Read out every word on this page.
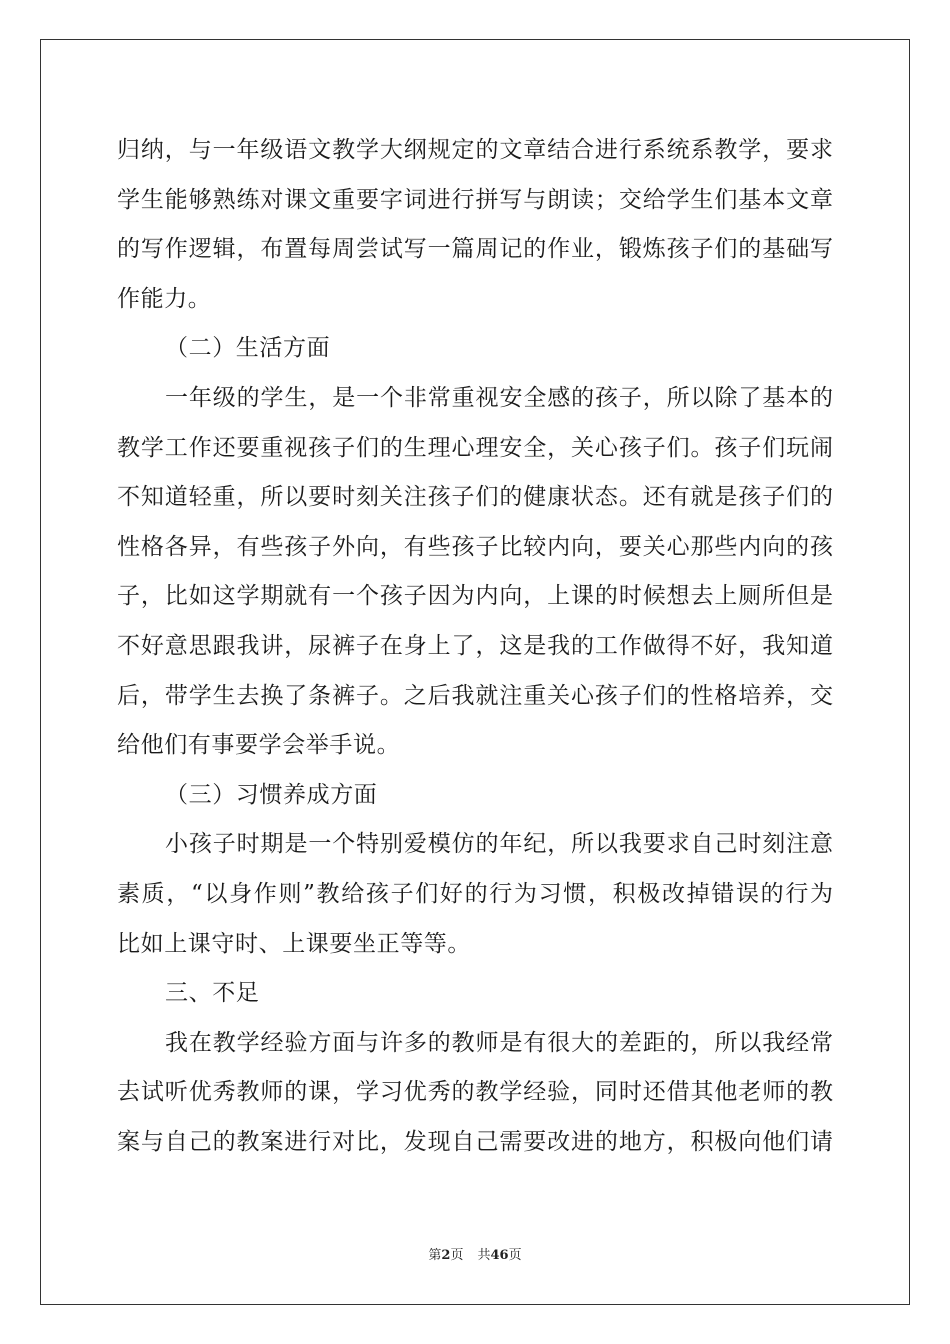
归纳，与一年级语文教学大纲规定的文章结合进行系统系教学，要求
学生能够熟练对课文重要字词进行拼写与朗读；交给学生们基本文章
的写作逻辑，布置每周尝试写一篇周记的作业，锻炼孩子们的基础写
作能力。
（二）生活方面
一年级的学生，是一个非常重视安全感的孩子，所以除了基本的
教学工作还要重视孩子们的生理心理安全，关心孩子们。孩子们玩闹
不知道轻重，所以要时刻关注孩子们的健康状态。还有就是孩子们的
性格各异，有些孩子外向，有些孩子比较内向，要关心那些内向的孩
子，比如这学期就有一个孩子因为内向，上课的时候想去上厕所但是
不好意思跟我讲，尿裤子在身上了，这是我的工作做得不好，我知道
后，带学生去换了条裤子。之后我就注重关心孩子们的性格培养，交
给他们有事要学会举手说。
（三）习惯养成方面
小孩子时期是一个特别爱模仿的年纪，所以我要求自己时刻注意
素质，“以身作则”教给孩子们好的行为习惯，积极改掉错误的行为
比如上课守时、上课要坐正等等。
三、不足
我在教学经验方面与许多的教师是有很大的差距的，所以我经常
去试听优秀教师的课，学习优秀的教学经验，同时还借其他老师的教
案与自己的教案进行对比，发现自己需要改进的地方，积极向他们请
第2页 共46页
